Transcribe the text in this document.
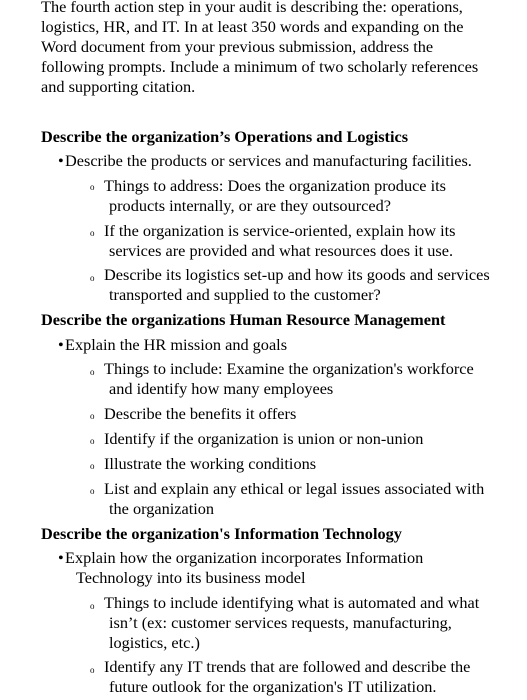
The fourth action step in your audit is describing the: operations,
logistics, HR, and IT. In at least 350 words and expanding on the
Word document from your previous submission, address the
following prompts. Include a minimum of two scholarly references
and supporting citation.
Describe the organization’s Operations and Logistics
• Describe the products or services and manufacturing facilities.
o Things to address: Does the organization produce its
products internally, or are they outsourced?
o If the organization is service-oriented, explain how its
services are provided and what resources does it use.
o Describe its logistics set-up and how its goods and services
transported and supplied to the customer?
Describe the organizations Human Resource Management
• Explain the HR mission and goals
o Things to include: Examine the organization's workforce
and identify how many employees
o Describe the benefits it offers
o Identify if the organization is union or non-union
o Illustrate the working conditions
o List and explain any ethical or legal issues associated with
the organization
Describe the organization's Information Technology
• Explain how the organization incorporates Information
Technology into its business model
o Things to include identifying what is automated and what
isn’t (ex: customer services requests, manufacturing,
logistics, etc.)
o Identify any IT trends that are followed and describe the
future outlook for the organization's IT utilization.
